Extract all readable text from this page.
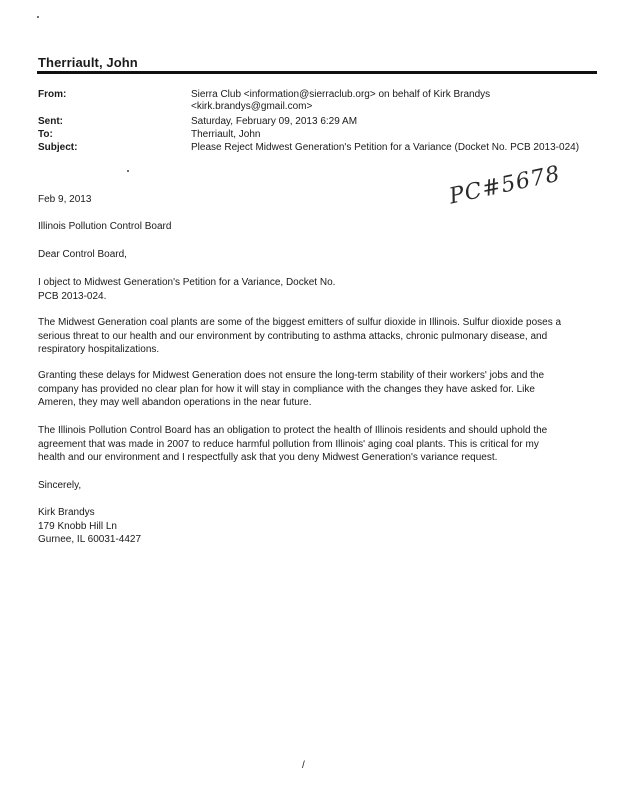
Therriault, John
From:	Sierra Club <information@sierraclub.org> on behalf of Kirk Brandys
<kirk.brandys@gmail.com>
Sent:	Saturday, February 09, 2013 6:29 AM
To:	Therriault, John
Subject:	Please Reject Midwest Generation's Petition for a Variance (Docket No. PCB 2013-024)
Feb 9, 2013
Illinois Pollution Control Board
Dear Control Board,
PC#5678
I object to Midwest Generation's Petition for a Variance, Docket No.
PCB 2013-024.
The Midwest Generation coal plants are some of the biggest emitters of sulfur dioxide in Illinois. Sulfur dioxide poses a
serious threat to our health and our environment by contributing to asthma attacks, chronic pulmonary disease, and
respiratory hospitalizations.
Granting these delays for Midwest Generation does not ensure the long-term stability of their workers' jobs and the
company has provided no clear plan for how it will stay in compliance with the changes they have asked for. Like
Ameren, they may well abandon operations in the near future.
The Illinois Pollution Control Board has an obligation to protect the health of Illinois residents and should uphold the
agreement that was made in 2007 to reduce harmful pollution from Illinois' aging coal plants. This is critical for my
health and our environment and I respectfully ask that you deny Midwest Generation's variance request.
Sincerely,
Kirk Brandys
179 Knobb Hill Ln
Gurnee, IL 60031-4427
/
